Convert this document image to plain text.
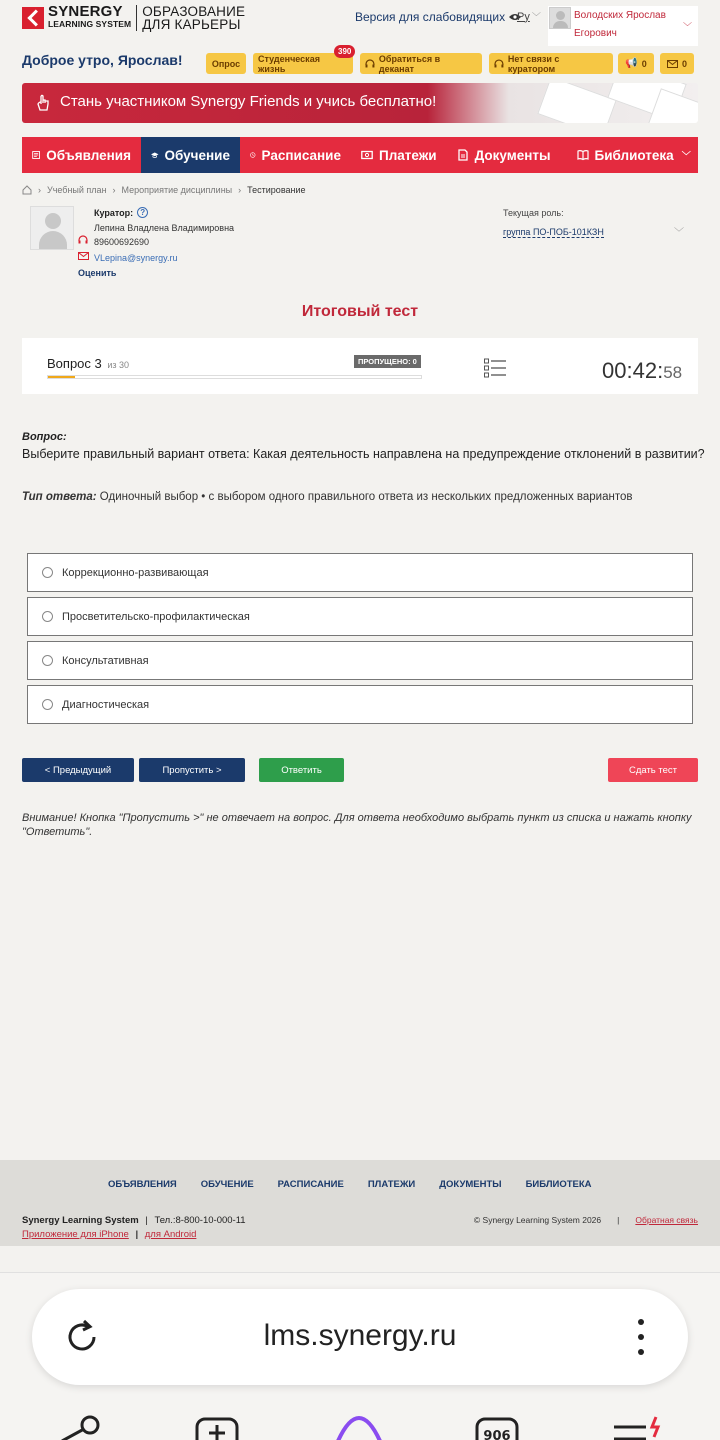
SYNERGY
LEARNING SYSTEM
ОБРАЗОВАНИЕ
ДЛЯ КАРЬЕРЫ	Версия для слабовидящих Ру ﹀	Володских Ярослав Егорович
﹀
Доброе утро, Ярослав!	Опрос Студенческая жизнь
390
Обратиться в деканат
Нет связи с куратором	📢 0	0
Стань участником Synergy Friends и учись бесплатно!
Объявления Обучение Расписание	Платежи	Документы	Библиотека ﹀
› Учебный план › Мероприятие дисциплины › Тестирование
Куратор: ?
Лепина Владлена Владимировна
89600692690
VLepina@synergy.ru
Оценить
Текущая роль:
группа ПО-ПОБ-101КЗН	﹀
Итоговый тест
Вопрос 3 из 30	ПРОПУЩЕНО: 0	00:42:58
Вопрос:
Выберите правильный вариант ответа: Какая деятельность направлена на предупреждение отклонений в развитии?
Тип ответа: Одиночный выбор • с выбором одного правильного ответа из нескольких предложенных вариантов
Коррекционно-развивающая
Просветительско-профилактическая
Консультативная
Диагностическая
< Предыдущий	Пропустить >	Ответить	Сдать тест
Внимание! Кнопка "Пропустить >" не отвечает на вопрос. Для ответа необходимо выбрать пункт из списка и нажать кнопку "Ответить".
ОБЪЯВЛЕНИЯ	ОБУЧЕНИЕ	РАСПИСАНИЕ	ПЛАТЕЖИ	ДОКУМЕНТЫ	БИБЛИОТЕКА
Synergy Learning System | Тел.:8-800-10-000-11
Приложение для iPhone | для Android
© Synergy Learning System 2026 | Обратная связь
lms.synergy.ru
906
